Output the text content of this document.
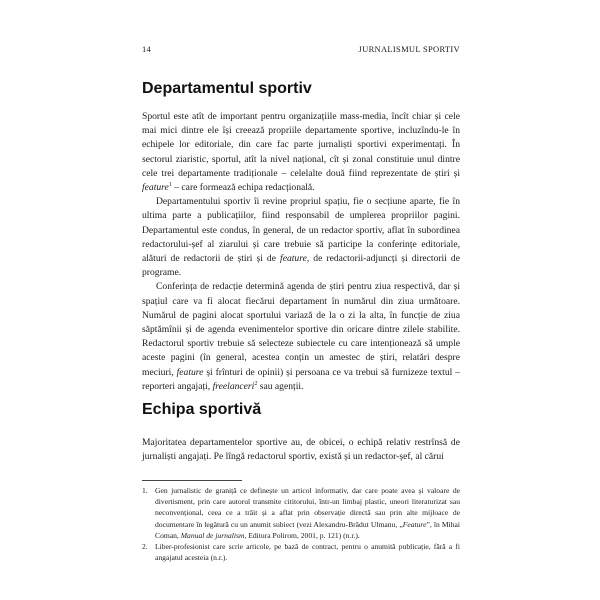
14	JURNALISMUL SPORTIV
Departamentul sportiv

Sportul este atît de important pentru organizațiile mass-media, încît chiar și cele mai mici dintre ele își creează propriile departamente sportive, incluzîndu-le în echipele lor editoriale, din care fac parte jurnaliști sportivi experimentați. În sectorul ziaristic, sportul, atît la nivel național, cît și zonal constituie unul dintre cele trei departamente tradiționale – celelalte două fiind reprezentate de știri și feature$^1$ – care formează echipa redacțională.

Departamentului sportiv îi revine propriul spațiu, fie o secțiune aparte, fie în ultima parte a publicațiilor, fiind responsabil de umplerea propriilor pagini. Departamentul este condus, în general, de un redactor sportiv, aflat în subordinea redactorului-șef al ziarului și care trebuie să participe la conferințe editoriale, alături de redactorii de știri și de feature, de redactorii-adjuncți și directorii de programe.

Conferința de redacție determină agenda de știri pentru ziua respectivă, dar și spațiul care va fi alocat fiecărui departament în numărul din ziua următoare. Numărul de pagini alocat sportului variază de la o zi la alta, în funcție de ziua săptămînii și de agenda evenimentelor sportive din oricare dintre zilele stabilite. Redactorul sportiv trebuie să selecteze subiectele cu care intenționează să umple aceste pagini (în general, acestea conțin un amestec de știri, relatări despre meciuri, feature și frînturi de opinii) și persoana ce va trebui să furnizeze textul – reporteri angajați, freelanceri$^2$ sau agenții.

Echipa sportivă

Majoritatea departamentelor sportive au, de obicei, o echipă relativ restrînsă de jurnaliști angajați. Pe lîngă redactorul sportiv, există și un redactor-șef, al cărui

1. Gen jurnalistic de graniță ce definește un articol informativ, dar care poate avea și valoare de divertisment, prin care autorul transmite cititorului, într-un limbaj plastic, uneori literaturizat sau neconvențional, ceea ce a trăit și a aflat prin observație directă sau prin alte mijloace de documentare în legătură cu un anumit subiect (vezi Alexandru-Brădut Ulmanu, „Feature”, în Mihai Coman, Manual de jurnalism, Editura Polirom, 2001, p. 121) (n.r.).

2. Liber-profesionist care scrie articole, pe bază de contract, pentru o anumită publicație, fără a fi angajatul acesteia (n.r.).
